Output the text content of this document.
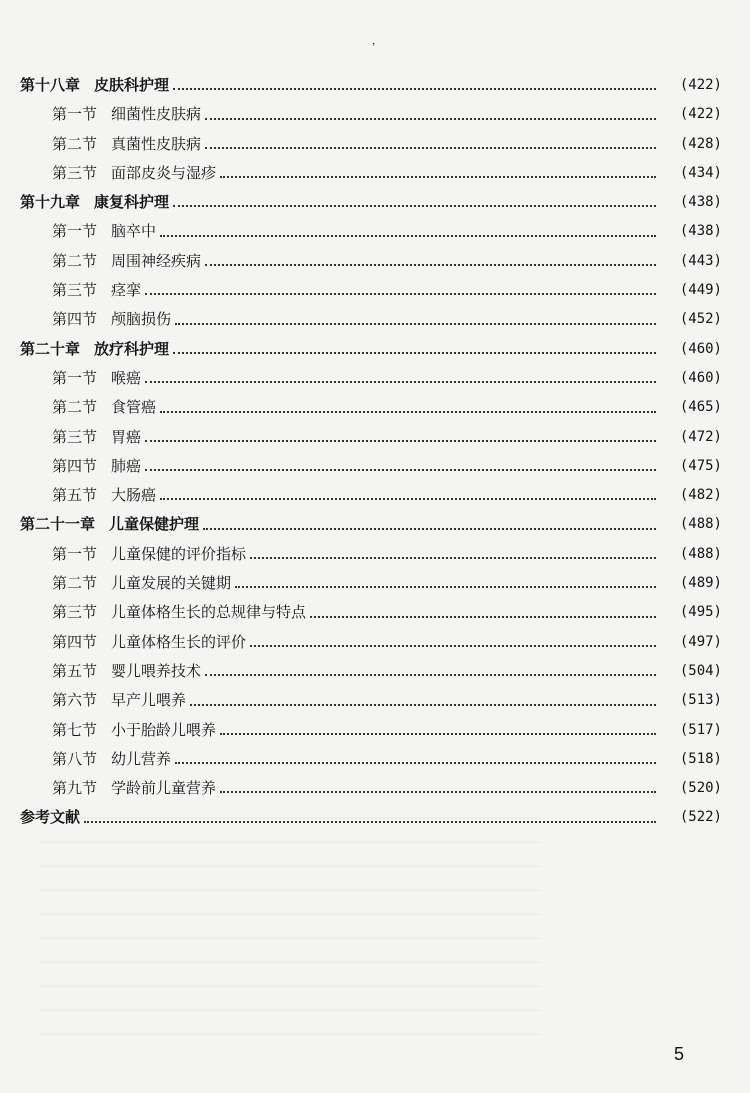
，
第十八章 皮肤科护理	(422)
第一节 细菌性皮肤病	(422)
第二节 真菌性皮肤病	(428)
第三节 面部皮炎与湿疹	(434)
第十九章 康复科护理	(438)
第一节 脑卒中	(438)
第二节 周围神经疾病	(443)
第三节 痉挛	(449)
第四节 颅脑损伤	(452)
第二十章 放疗科护理	(460)
第一节 喉癌	(460)
第二节 食管癌	(465)
第三节 胃癌	(472)
第四节 肺癌	(475)
第五节 大肠癌	(482)
第二十一章 儿童保健护理	(488)
第一节 儿童保健的评价指标	(488)
第二节 儿童发展的关键期	(489)
第三节 儿童体格生长的总规律与特点	(495)
第四节 儿童体格生长的评价	(497)
第五节 婴儿喂养技术	(504)
第六节 早产儿喂养	(513)
第七节 小于胎龄儿喂养	(517)
第八节 幼儿营养	(518)
第九节 学龄前儿童营养	(520)
参考文献	(522)
5
